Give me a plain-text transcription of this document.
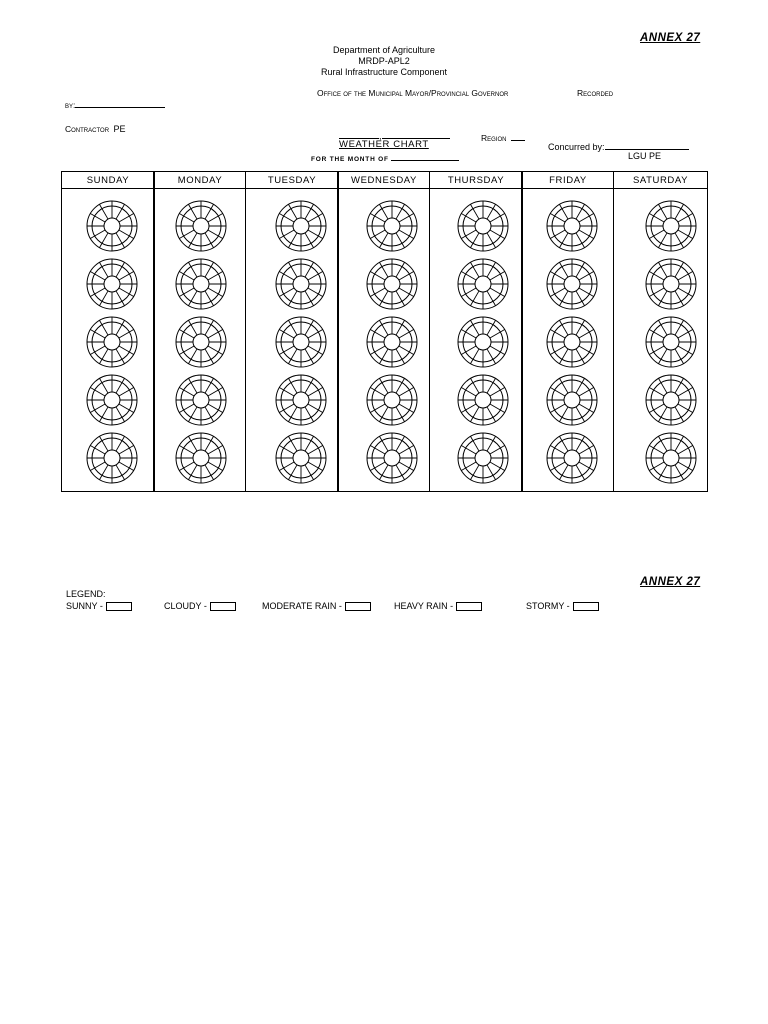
ANNEX 27
Department of Agriculture
MRDP-APL2
Rural Infrastructure Component
Office of the Municipal Mayor/Provincial Governor	Recorded
by:
Contractor PE
,	Region
WEATHER CHART	Concurred by:
FOR THE MONTH OF	LGU PE
SUNDAY	MONDAY	TUESDAY	WEDNESDAY	THURSDAY	FRIDAY	SATURDAY
ANNEX 27
LEGEND:
SUNNY -	CLOUDY -	MODERATE RAIN -	HEAVY RAIN -	STORMY -
